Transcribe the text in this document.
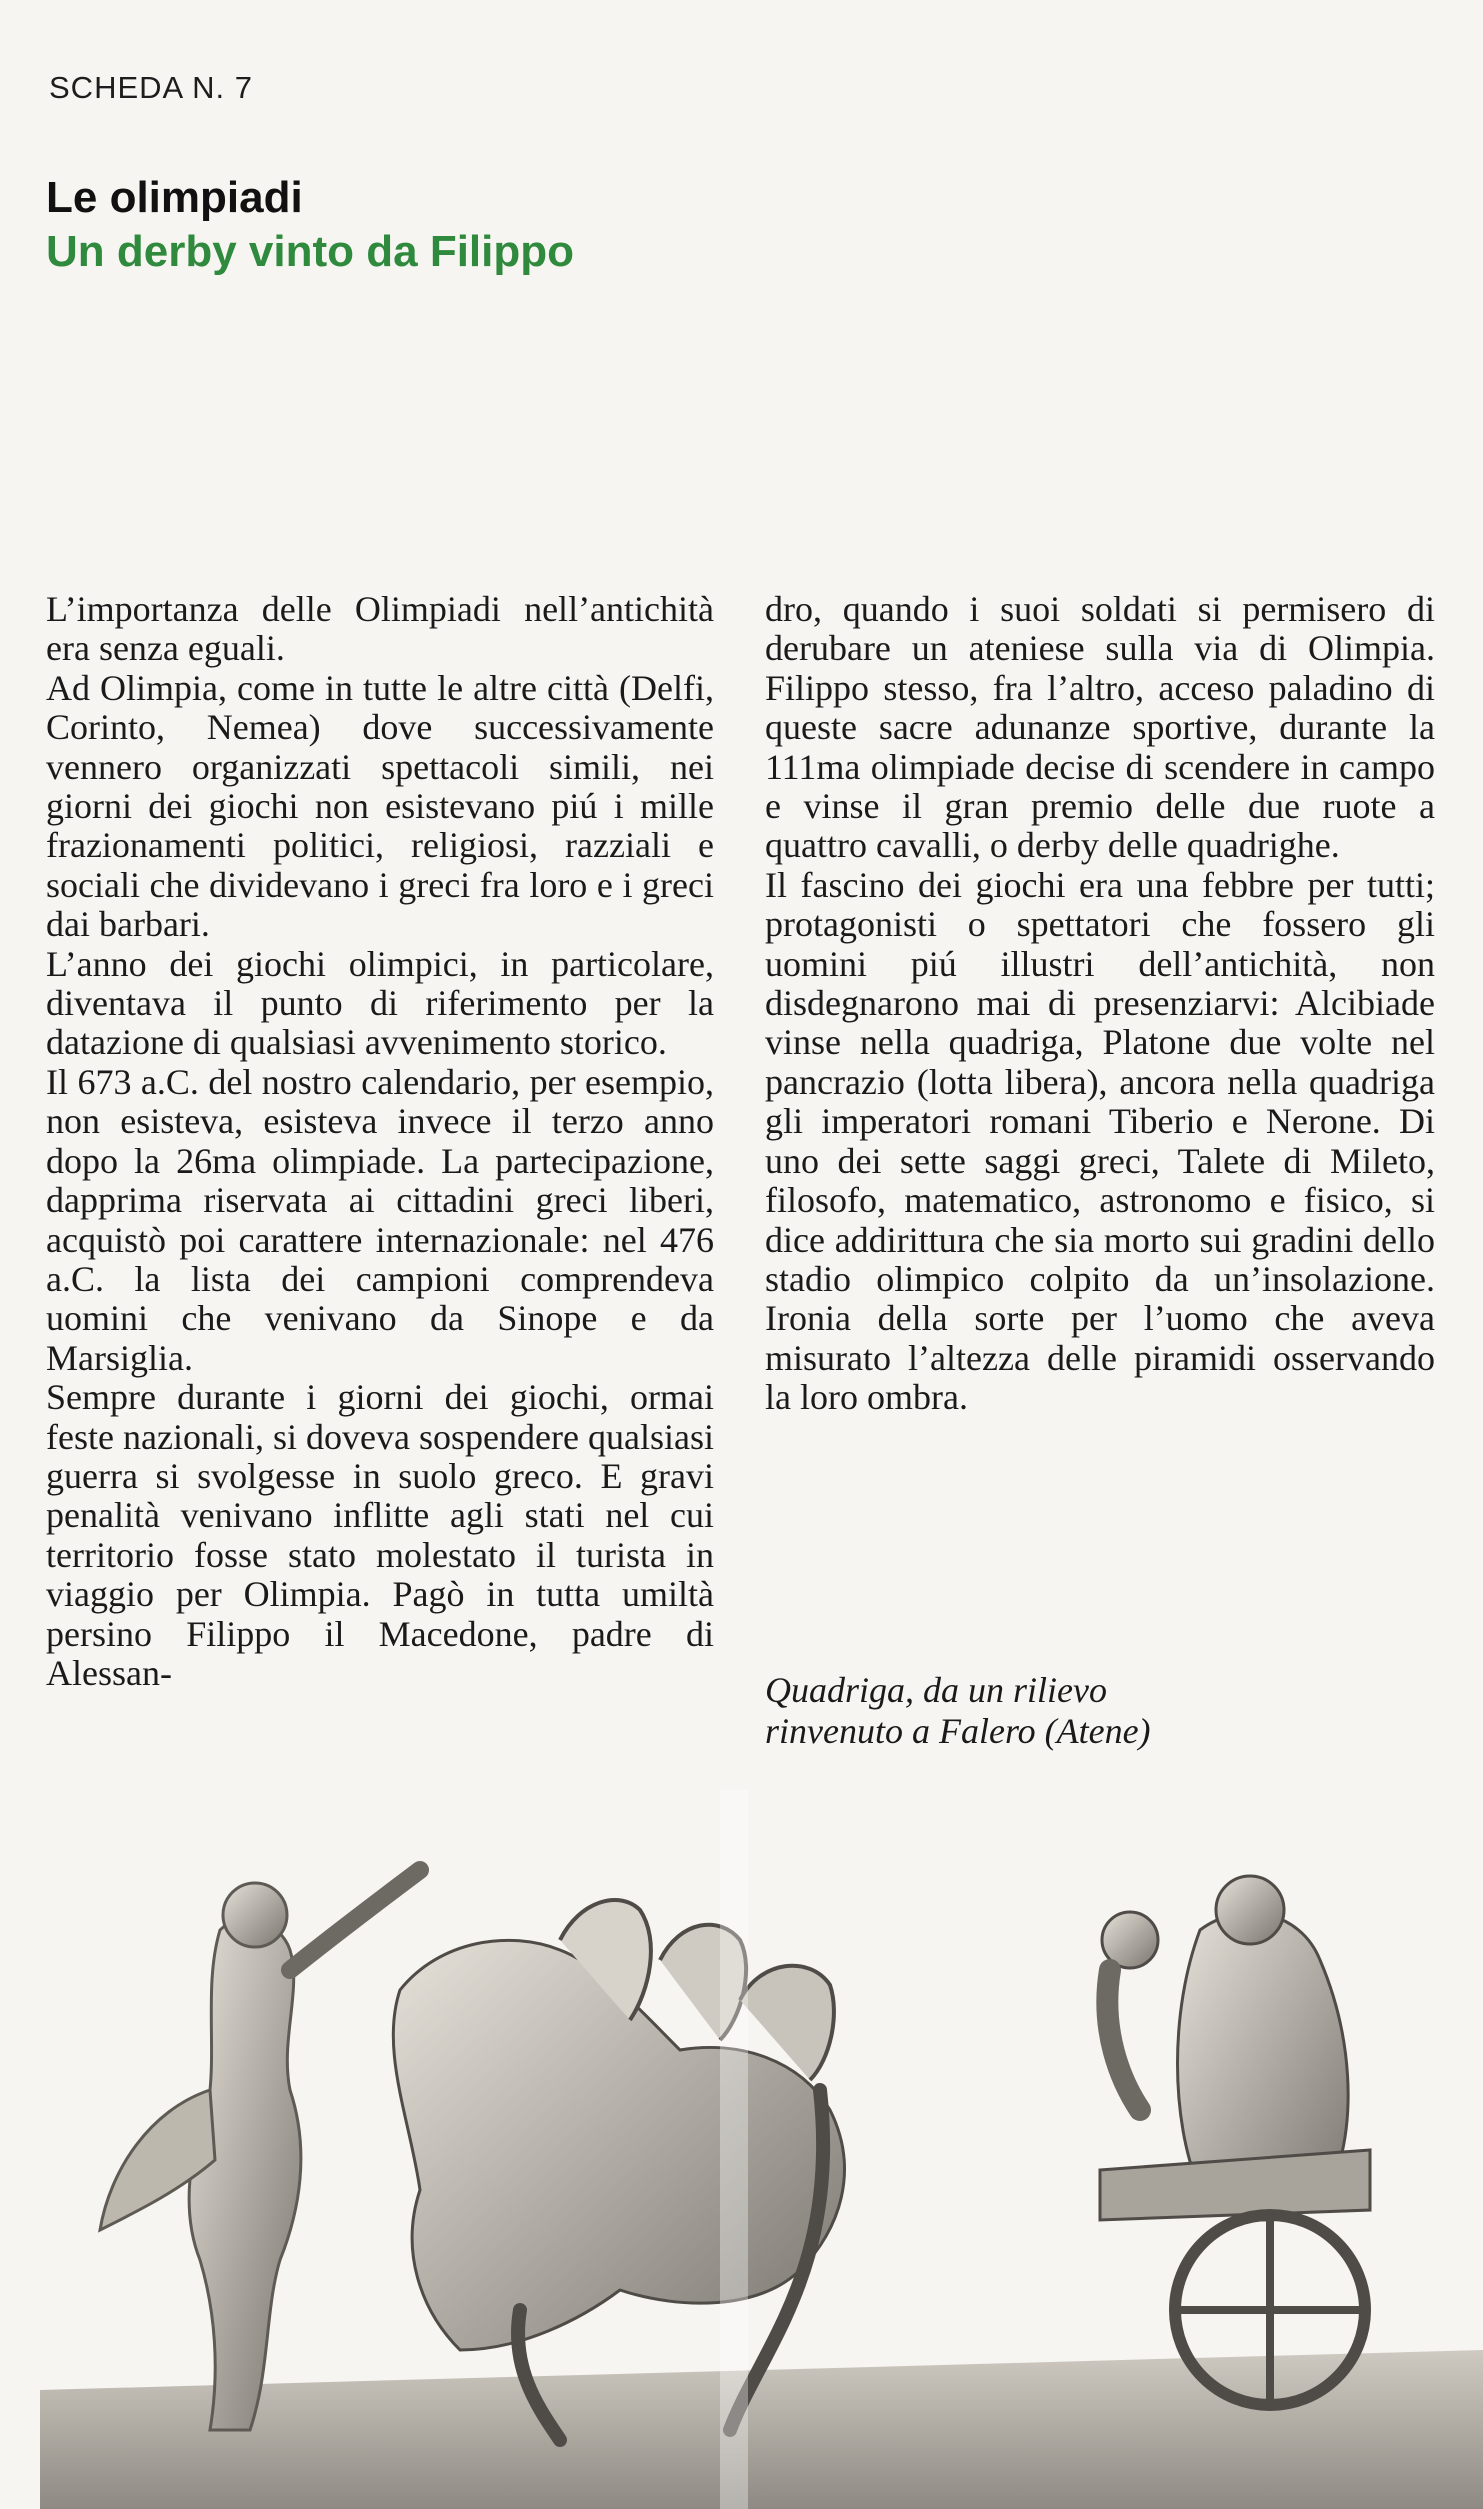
SCHEDA N. 7
Le olimpiadi
Un derby vinto da Filippo

L’importanza delle Olimpiadi nell’antichità era senza eguali.

Ad Olimpia, come in tutte le altre città (Delfi, Corinto, Nemea) dove successivamente vennero organizzati spettacoli simili, nei giorni dei giochi non esistevano piú i mille frazionamenti politici, religiosi, razziali e sociali che dividevano i greci fra loro e i greci dai barbari.

L’anno dei giochi olimpici, in particolare, diventava il punto di riferimento per la datazione di qualsiasi avvenimento storico.

Il 673 a.C. del nostro calendario, per esempio, non esisteva, esisteva invece il terzo anno dopo la 26ma olimpiade. La partecipazione, dapprima riservata ai cittadini greci liberi, acquistò poi carattere internazionale: nel 476 a.C. la lista dei campioni comprendeva uomini che venivano da Sinope e da Marsiglia.

Sempre durante i giorni dei giochi, ormai feste nazionali, si doveva sospendere qualsiasi guerra si svolgesse in suolo greco. E gravi penalità venivano inflitte agli stati nel cui territorio fosse stato molestato il turista in viaggio per Olimpia. Pagò in tutta umiltà persino Filippo il Macedone, padre di Alessan-

dro, quando i suoi soldati si permisero di derubare un ateniese sulla via di Olimpia. Filippo stesso, fra l’altro, acceso paladino di queste sacre adunanze sportive, durante la 111ma olimpiade decise di scendere in campo e vinse il gran premio delle due ruote a quattro cavalli, o derby delle quadrighe.

Il fascino dei giochi era una febbre per tutti; protagonisti o spettatori che fossero gli uomini piú illustri dell’antichità, non disdegnarono mai di presenziarvi: Alcibiade vinse nella quadriga, Platone due volte nel pancrazio (lotta libera), ancora nella quadriga gli imperatori romani Tiberio e Nerone. Di uno dei sette saggi greci, Talete di Mileto, filosofo, matematico, astronomo e fisico, si dice addirittura che sia morto sui gradini dello stadio olimpico colpito da un’insolazione. Ironia della sorte per l’uomo che aveva misurato l’altezza delle piramidi osservando la loro ombra.

Quadriga, da un rilievo
rinvenuto a Falero (Atene)
